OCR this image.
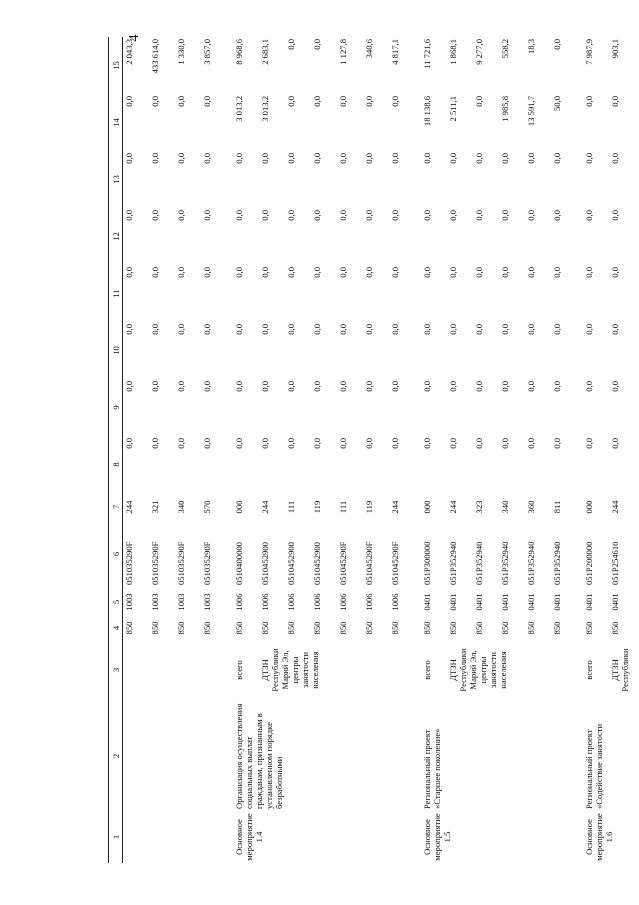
4
1	2	3	4	5	6	7	8	9	10	11	12	13	14	15
			850	1003	051035290F	244	0,0	0,0	0,0	0,0	0,0	0,0	0,0	2 043,3
			850	1003	051035290F	321	0,0	0,0	0,0	0,0	0,0	0,0	0,0	433 614,0
			850	1003	051035290F	340	0,0	0,0	0,0	0,0	0,0	0,0	0,0	1 330,0
			850	1003	051035290F	570	0,0	0,0	0,0	0,0	0,0	0,0	0,0	3 857,0

Основное мероприятие 1.4	Организация осуществления социальных выплат гражданам, признанным в установленном порядке безработными	всего	850	1006	0510400000	000	0,0	0,0	0,0	0,0	0,0	0,0	3 013,2	8 968,6
		ДТЗН Республики Марий Эл, центры занятости населения	850	1006	0510452900	244	0,0	0,0	0,0	0,0	0,0	0,0	3 013,2	2 683,1
			850	1006	0510452900	111	0,0	0,0	0,0	0,0	0,0	0,0	0,0	0,0
			850	1006	0510452900	119	0,0	0,0	0,0	0,0	0,0	0,0	0,0	0,0
			850	1006	051045290F	111	0,0	0,0	0,0	0,0	0,0	0,0	0,0	1 127,8
			850	1006	051045290F	119	0,0	0,0	0,0	0,0	0,0	0,0	0,0	340,6
			850	1006	051045290F	244	0,0	0,0	0,0	0,0	0,0	0,0	0,0	4 817,1

Основное мероприятие 1.5	Региональный проект «Старшее поколение»	всего	850	0401	051P300000	000	0,0	0,0	0,0	0,0	0,0	0,0	18 138,6	11 721,6
		ДТЗН Республики Марий Эл, центры занятости населения	850	0401	051P352940	244	0,0	0,0	0,0	0,0	0,0	0,0	2 511,1	1 868,1
			850	0401	051P352940	323	0,0	0,0	0,0	0,0	0,0	0,0	0,0	9 277,0
			850	0401	051P352940	340	0,0	0,0	0,0	0,0	0,0	0,0	1 985,8	558,2
			850	0401	051P352940	360	0,0	0,0	0,0	0,0	0,0	0,0	13 591,7	18,3
			850	0401	051P352940	811	0,0	0,0	0,0	0,0	0,0	0,0	50,0	0,0

Основное мероприятие 1.6	Региональный проект «Содействие занятости	всего	850	0401	051P200000	000	0,0	0,0	0,0	0,0	0,0	0,0	0,0	7 987,9
		ДТЗН Республики	850	0401	051P254610	244	0,0	0,0	0,0	0,0	0,0	0,0	0,0	903,1
